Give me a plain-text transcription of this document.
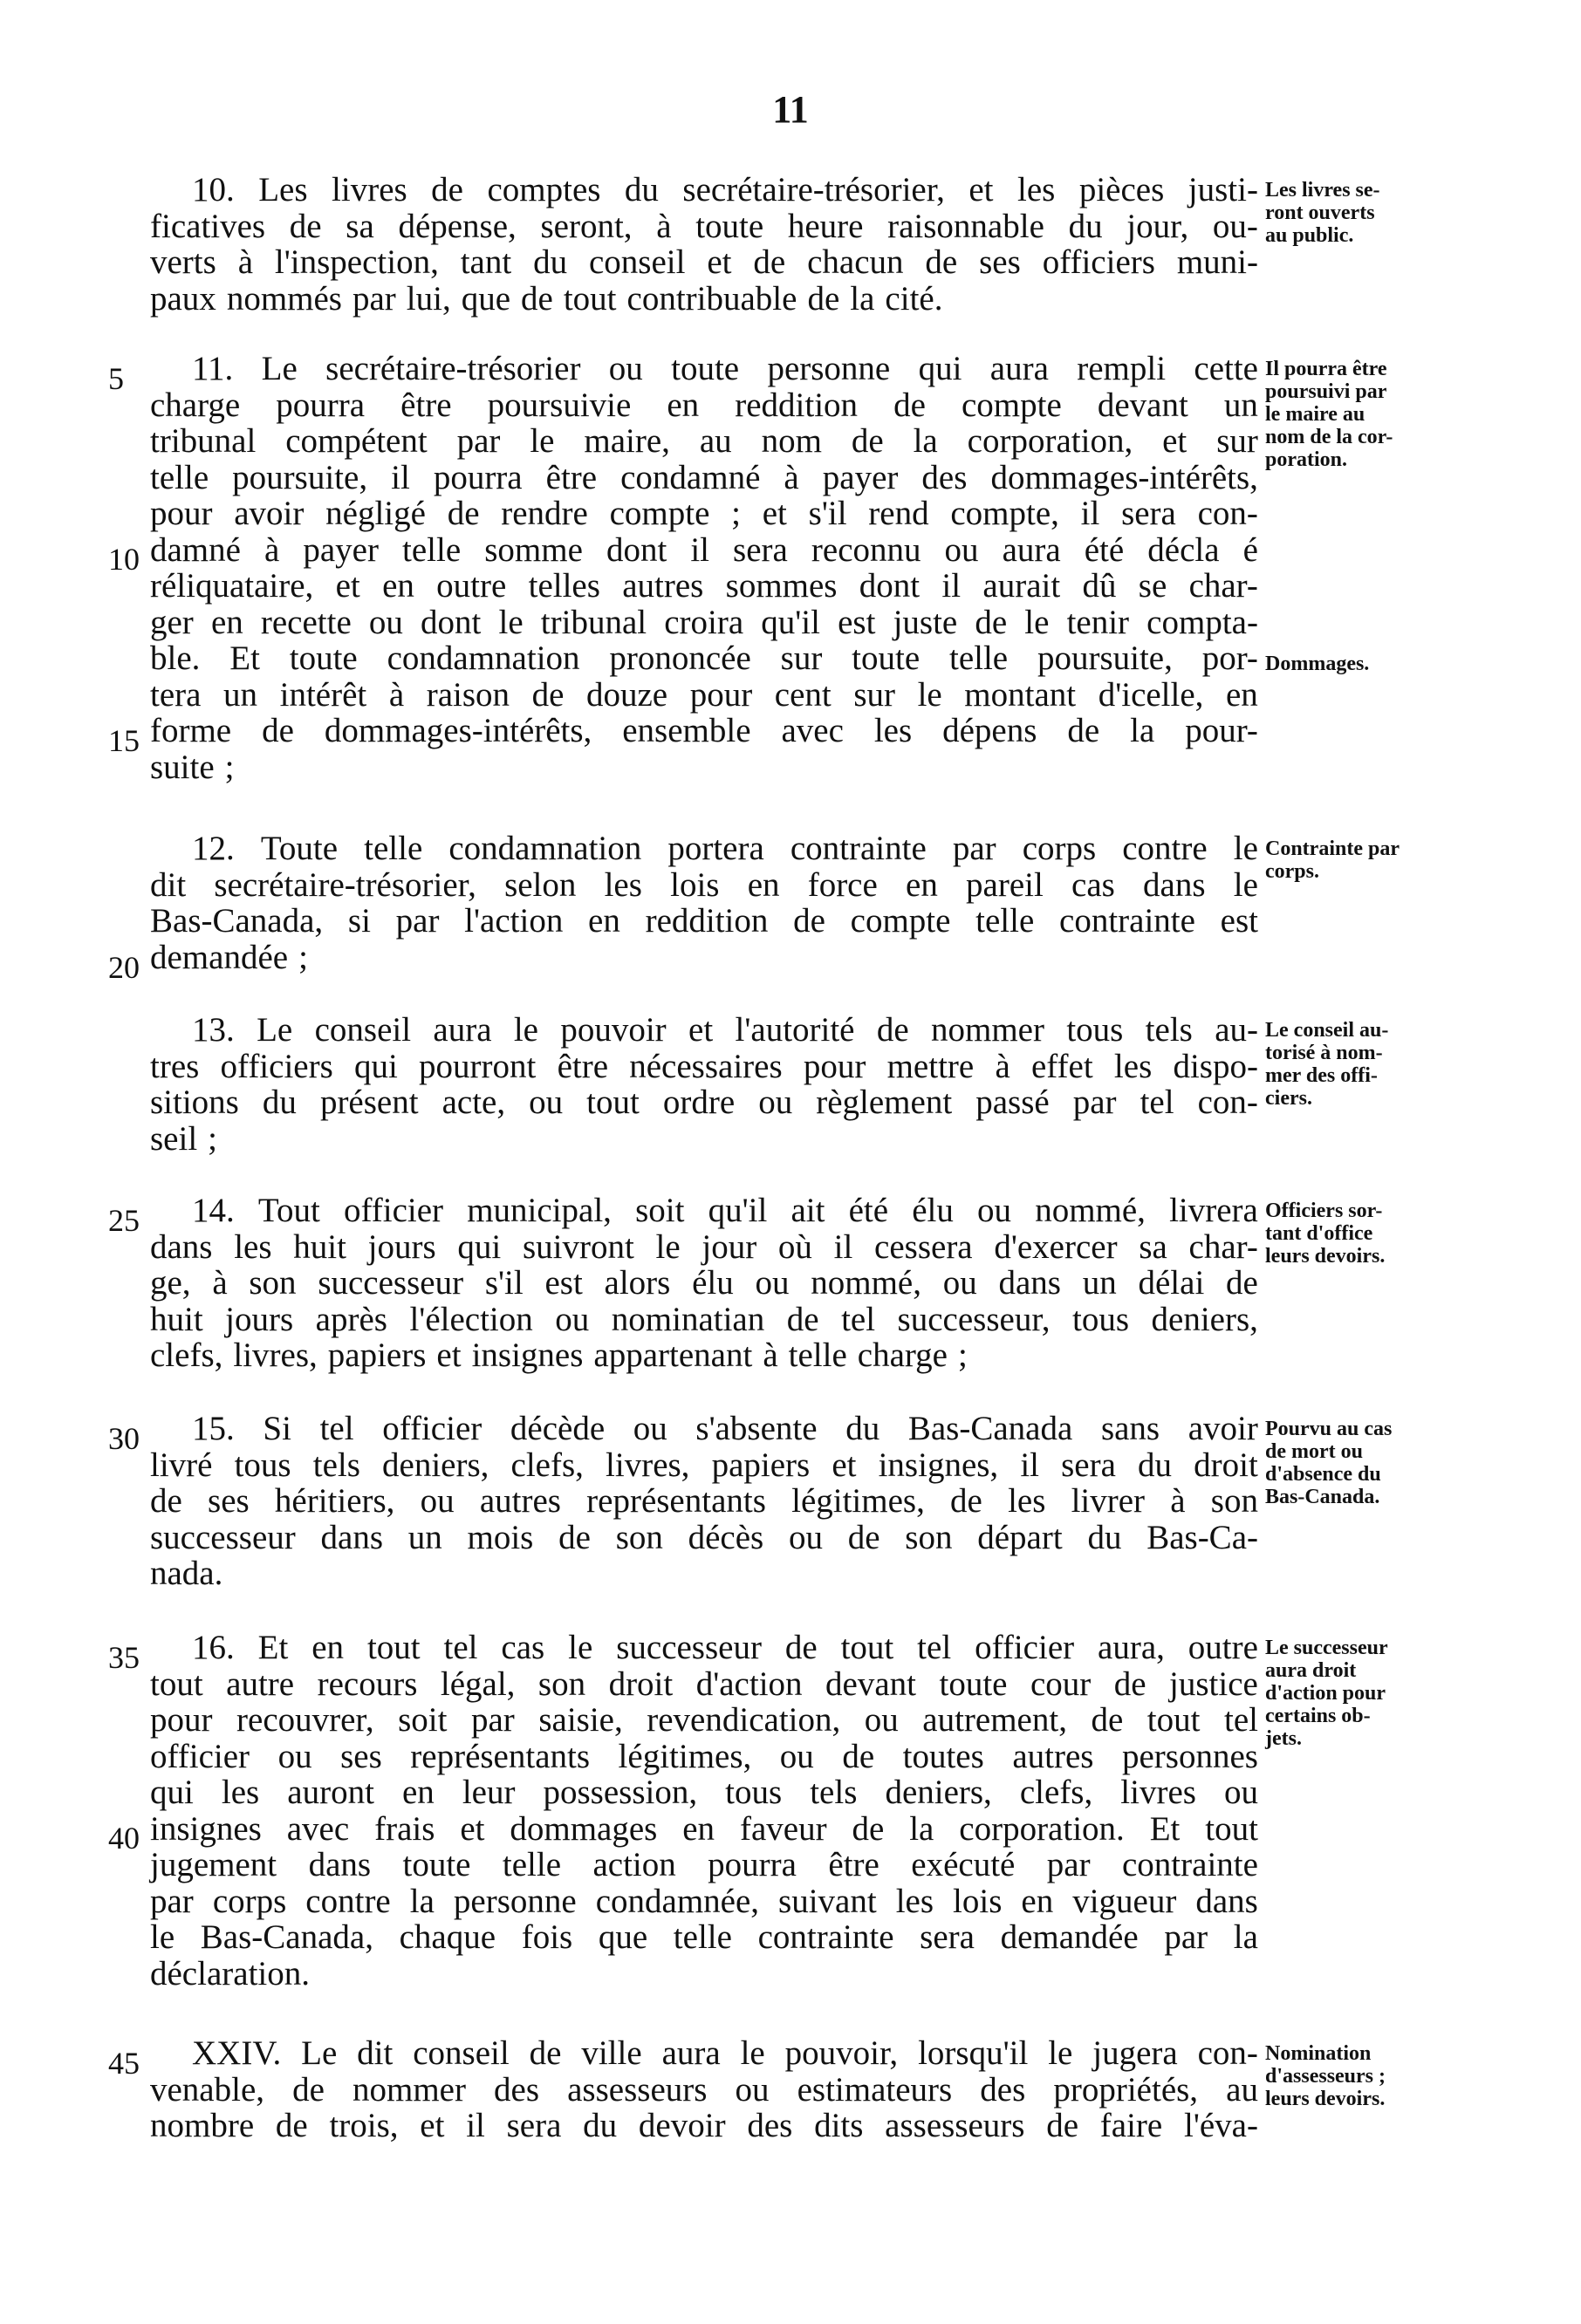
11
10. Les livres de comptes du secrétaire-trésorier, et les pièces justi-
ficatives de sa dépense, seront, à toute heure raisonnable du jour, ou-
verts à l'inspection, tant du conseil et de chacun de ses officiers muni-
paux nommés par lui, que de tout contribuable de la cité.
11. Le secrétaire-trésorier ou toute personne qui aura rempli cette
charge pourra être poursuivie en reddition de compte devant un
tribunal compétent par le maire, au nom de la corporation, et sur
telle poursuite, il pourra être condamné à payer des dommages-intérêts,
pour avoir négligé de rendre compte ; et s'il rend compte, il sera con-
damné à payer telle somme dont il sera reconnu ou aura été décla é
réliquataire, et en outre telles autres sommes dont il aurait dû se char-
ger en recette ou dont le tribunal croira qu'il est juste de le tenir compta-
ble. Et toute condamnation prononcée sur toute telle poursuite, por-
tera un intérêt à raison de douze pour cent sur le montant d'icelle, en
forme de dommages-intérêts, ensemble avec les dépens de la pour-
suite ;
12. Toute telle condamnation portera contrainte par corps contre le
dit secrétaire-trésorier, selon les lois en force en pareil cas dans le
Bas-Canada, si par l'action en reddition de compte telle contrainte est
demandée ;
13. Le conseil aura le pouvoir et l'autorité de nommer tous tels au-
tres officiers qui pourront être nécessaires pour mettre à effet les dispo-
sitions du présent acte, ou tout ordre ou règlement passé par tel con-
seil ;
14. Tout officier municipal, soit qu'il ait été élu ou nommé, livrera
dans les huit jours qui suivront le jour où il cessera d'exercer sa char-
ge, à son successeur s'il est alors élu ou nommé, ou dans un délai de
huit jours après l'élection ou nominatian de tel successeur, tous deniers,
clefs, livres, papiers et insignes appartenant à telle charge ;
15. Si tel officier décède ou s'absente du Bas-Canada sans avoir
livré tous tels deniers, clefs, livres, papiers et insignes, il sera du droit
de ses héritiers, ou autres représentants légitimes, de les livrer à son
successeur dans un mois de son décès ou de son départ du Bas-Ca-
nada.
16. Et en tout tel cas le successeur de tout tel officier aura, outre
tout autre recours légal, son droit d'action devant toute cour de justice
pour recouvrer, soit par saisie, revendication, ou autrement, de tout tel
officier ou ses représentants légitimes, ou de toutes autres personnes
qui les auront en leur possession, tous tels deniers, clefs, livres ou
insignes avec frais et dommages en faveur de la corporation. Et tout
jugement dans toute telle action pourra être exécuté par contrainte
par corps contre la personne condamnée, suivant les lois en vigueur dans
le Bas-Canada, chaque fois que telle contrainte sera demandée par la
déclaration.
XXIV. Le dit conseil de ville aura le pouvoir, lorsqu'il le jugera con-
venable, de nommer des assesseurs ou estimateurs des propriétés, au
nombre de trois, et il sera du devoir des dits assesseurs de faire l'éva-
Les livres se-
ront ouverts
au public.
Il pourra être
poursuivi par
le maire au
nom de la cor-
poration.
Dommages.
Contrainte par
corps.
Le conseil au-
torisé à nom-
mer des offi-
ciers.
Officiers sor-
tant d'office
leurs devoirs.
Pourvu au cas
de mort ou
d'absence du
Bas-Canada.
Le successeur
aura droit
d'action pour
certains ob-
jets.
Nomination
d'assesseurs ;
leurs devoirs.
5
10
15
20
25
30
35
40
45
